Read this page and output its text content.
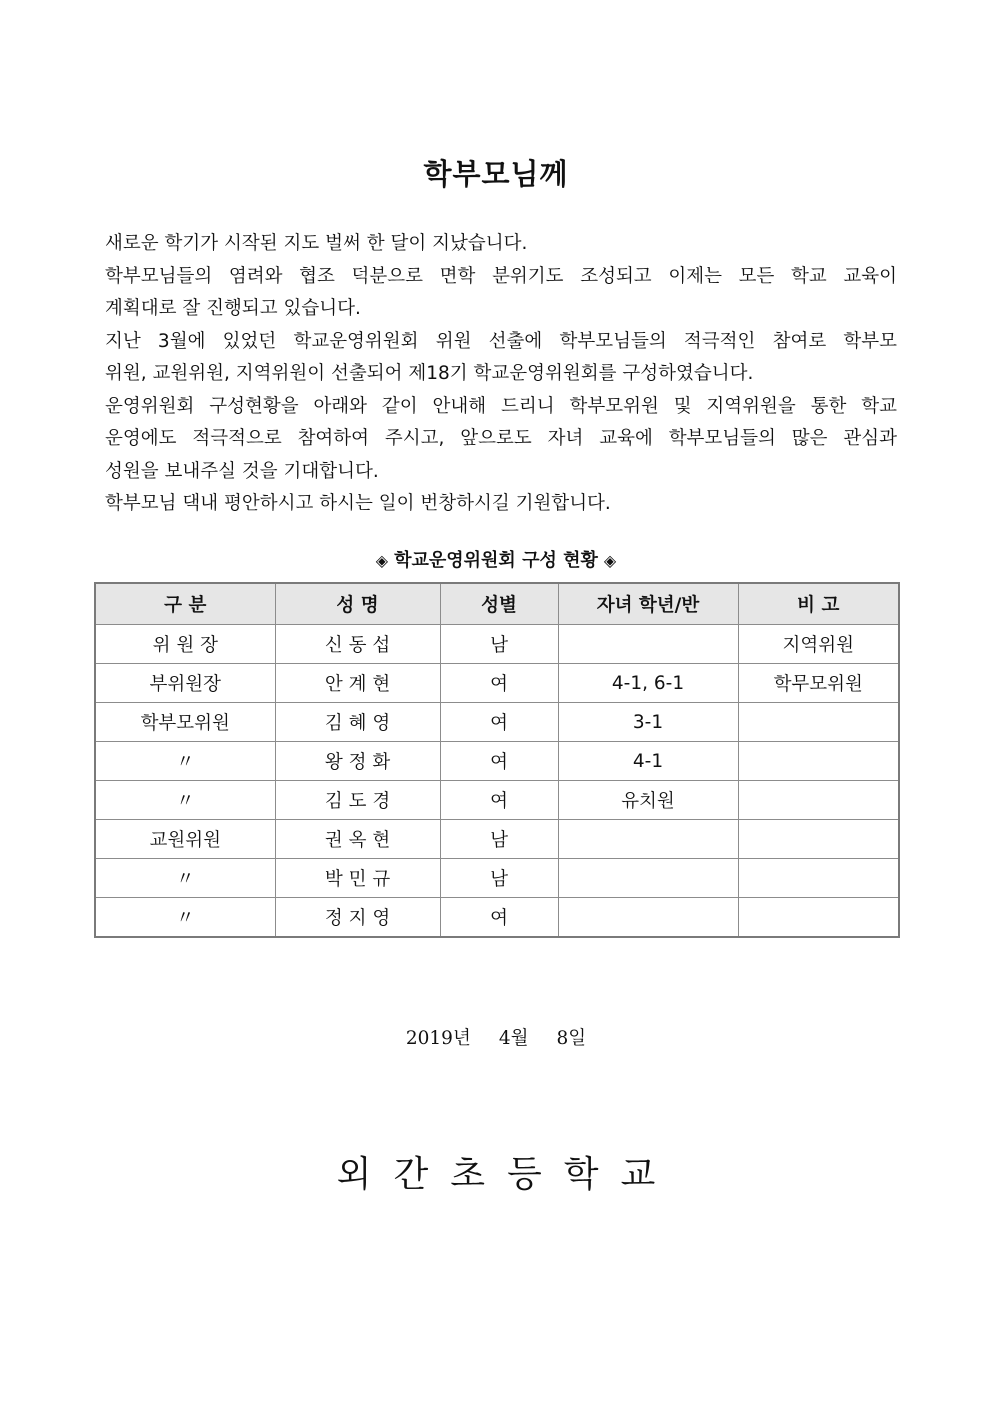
학부모님께

새로운 학기가 시작된 지도 벌써 한 달이 지났습니다.

학부모님들의 염려와 협조 덕분으로 면학 분위기도 조성되고 이제는 모든 학교 교육이

계획대로 잘 진행되고 있습니다.

지난 3월에 있었던 학교운영위원회 위원 선출에 학부모님들의 적극적인 참여로 학부모

위원, 교원위원, 지역위원이 선출되어 제18기 학교운영위원회를 구성하였습니다.

운영위원회 구성현황을 아래와 같이 안내해 드리니 학부모위원 및 지역위원을 통한 학교

운영에도 적극적으로 참여하여 주시고, 앞으로도 자녀 교육에 학부모님들의 많은 관심과

성원을 보내주실 것을 기대합니다.

학부모님 댁내 평안하시고 하시는 일이 번창하시길 기원합니다.

◈ 학교운영위원회 구성 현황 ◈
구 분	성 명	성별	자녀 학년/반	비 고
위 원 장	신 동 섭	남		지역위원
부위원장	안 계 현	여	4-1, 6-1	학무모위원
학부모위원	김 혜 영	여	3-1	
〃	왕 정 화	여	4-1	
〃	김 도 경	여	유치원	
교원위원	권 옥 현	남		
〃	박 민 규	남		
〃	정 지 영	여		
2019년 4월 8일
외간초등학교
